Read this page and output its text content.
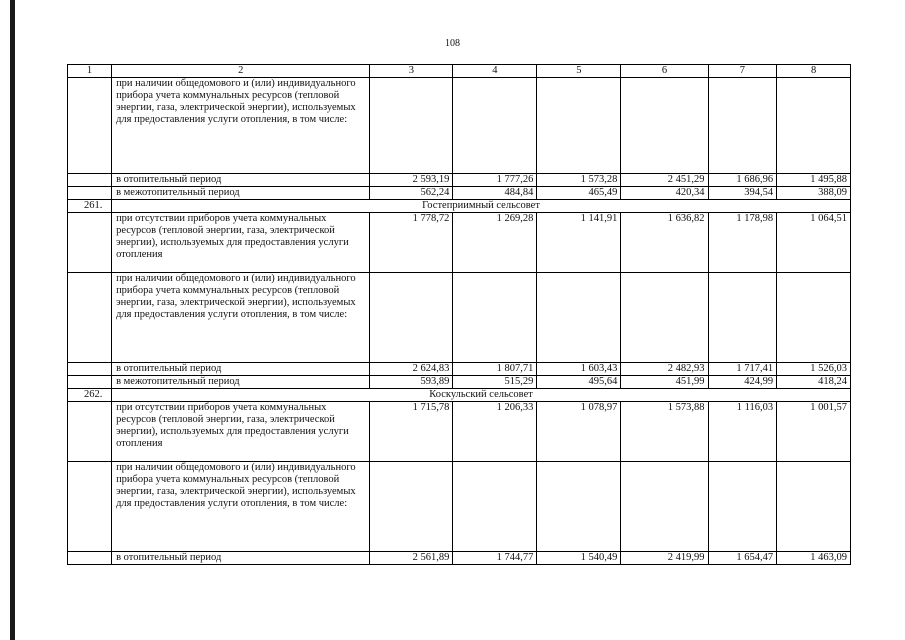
108
1	2	3	4	5	6	7	8
	при наличии общедомового и (или) индивидуального прибора учета коммунальных ресурсов (тепловой энергии, газа, электрической энергии), используемых для предоставления услуги отопления, в том числе:						
	в отопительный период	2 593,19	1 777,26	1 573,28	2 451,29	1 686,96	1 495,88
	в межотопительный период	562,24	484,84	465,49	420,34	394,54	388,09
261.	Гостеприимный сельсовет						
	при отсутствии приборов учета коммунальных ресурсов (тепловой энергии, газа, электрической энергии), используемых для предоставления услуги отопления	1 778,72	1 269,28	1 141,91	1 636,82	1 178,98	1 064,51
	при наличии общедомового и (или) индивидуального прибора учета коммунальных ресурсов (тепловой энергии, газа, электрической энергии), используемых для предоставления услуги отопления, в том числе:						
	в отопительный период	2 624,83	1 807,71	1 603,43	2 482,93	1 717,41	1 526,03
	в межотопительный период	593,89	515,29	495,64	451,99	424,99	418,24
262.	Коскульский сельсовет						
	при отсутствии приборов учета коммунальных ресурсов (тепловой энергии, газа, электрической энергии), используемых для предоставления услуги отопления	1 715,78	1 206,33	1 078,97	1 573,88	1 116,03	1 001,57
	при наличии общедомового и (или) индивидуального прибора учета коммунальных ресурсов (тепловой энергии, газа, электрической энергии), используемых для предоставления услуги отопления, в том числе:						
	в отопительный период	2 561,89	1 744,77	1 540,49	2 419,99	1 654,47	1 463,09
